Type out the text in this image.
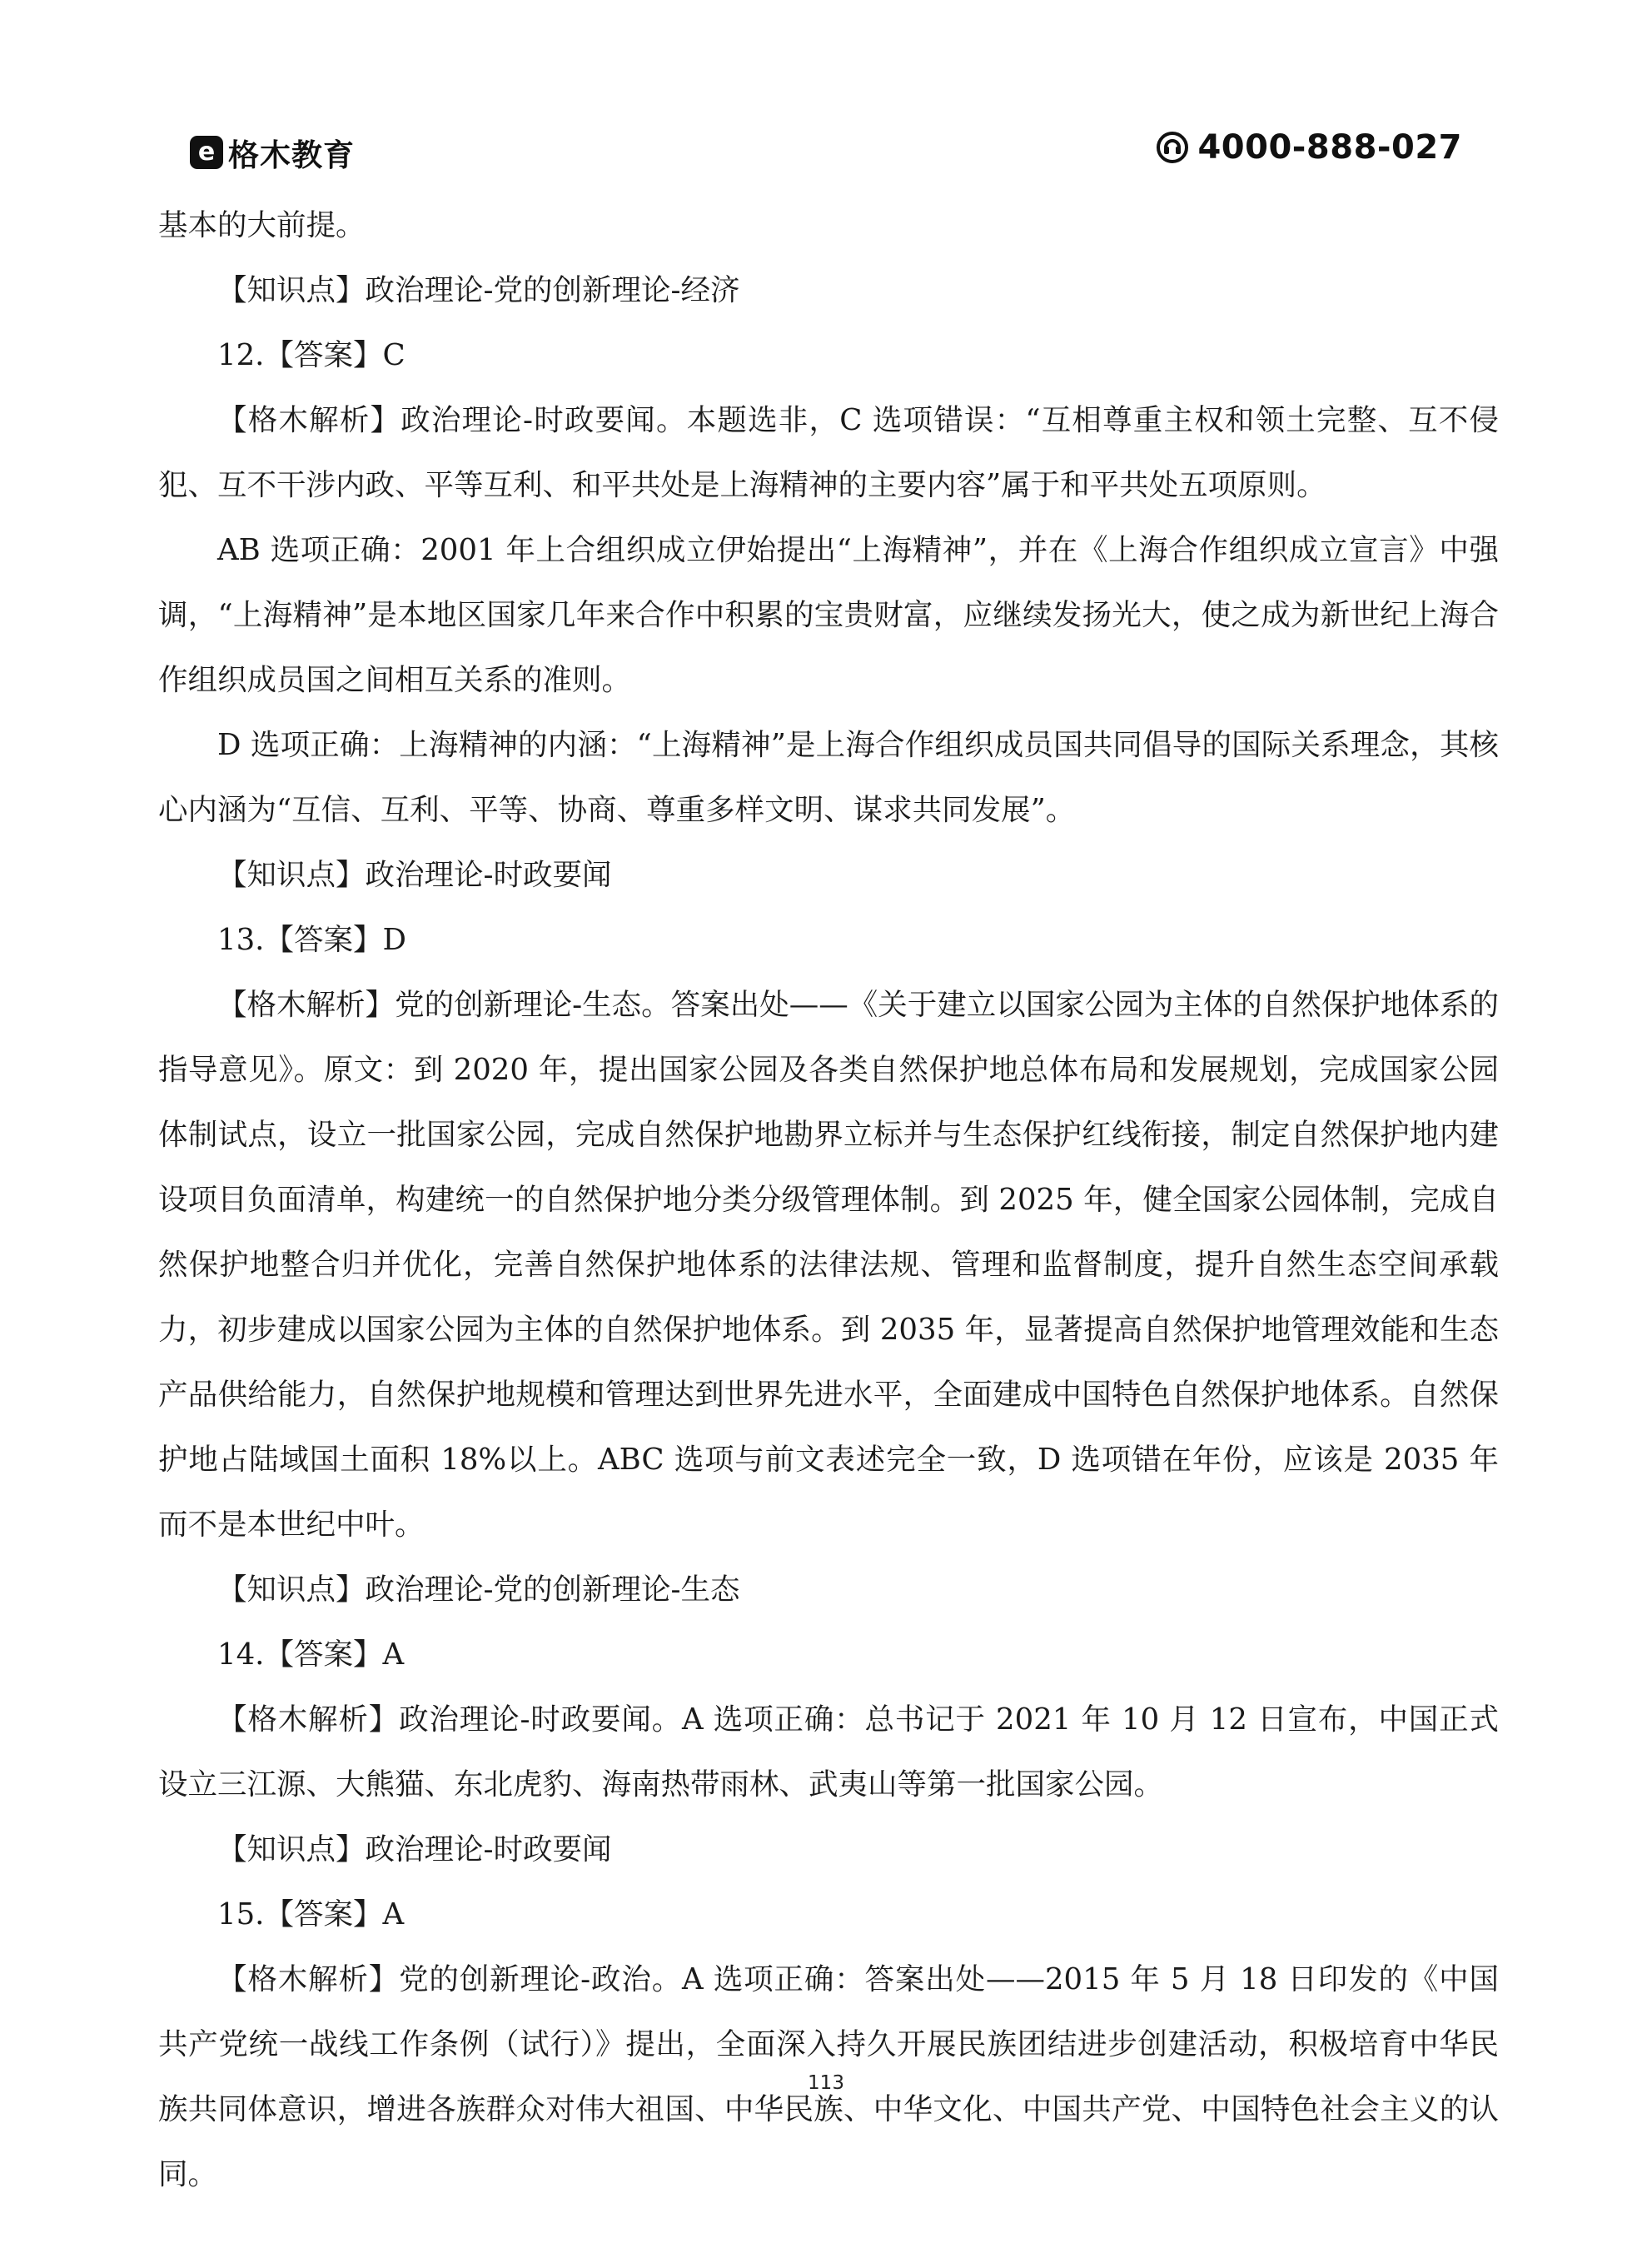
e 格木教育	4000-888-027

基本的大前提。

【知识点】政治理论-党的创新理论-经济

12.【答案】C

【格木解析】政治理论-时政要闻。本题选非，C 选项错误：“互相尊重主权和领土完整、互不侵犯、互不干涉内政、平等互利、和平共处是上海精神的主要内容”属于和平共处五项原则。

AB 选项正确：2001 年上合组织成立伊始提出“上海精神”，并在《上海合作组织成立宣言》中强调，“上海精神”是本地区国家几年来合作中积累的宝贵财富，应继续发扬光大，使之成为新世纪上海合作组织成员国之间相互关系的准则。

D 选项正确：上海精神的内涵：“上海精神”是上海合作组织成员国共同倡导的国际关系理念，其核心内涵为“互信、互利、平等、协商、尊重多样文明、谋求共同发展”。

【知识点】政治理论-时政要闻

13.【答案】D

【格木解析】党的创新理论-生态。答案出处——《关于建立以国家公园为主体的自然保护地体系的指导意见》。原文：到 2020 年，提出国家公园及各类自然保护地总体布局和发展规划，完成国家公园体制试点，设立一批国家公园，完成自然保护地勘界立标并与生态保护红线衔接，制定自然保护地内建设项目负面清单，构建统一的自然保护地分类分级管理体制。到 2025 年，健全国家公园体制，完成自然保护地整合归并优化，完善自然保护地体系的法律法规、管理和监督制度，提升自然生态空间承载力，初步建成以国家公园为主体的自然保护地体系。到 2035 年，显著提高自然保护地管理效能和生态产品供给能力，自然保护地规模和管理达到世界先进水平，全面建成中国特色自然保护地体系。自然保护地占陆域国土面积 18%以上。ABC 选项与前文表述完全一致，D 选项错在年份，应该是 2035 年而不是本世纪中叶。

【知识点】政治理论-党的创新理论-生态

14.【答案】A

【格木解析】政治理论-时政要闻。A 选项正确：总书记于 2021 年 10 月 12 日宣布，中国正式设立三江源、大熊猫、东北虎豹、海南热带雨林、武夷山等第一批国家公园。

【知识点】政治理论-时政要闻

15.【答案】A

【格木解析】党的创新理论-政治。A 选项正确：答案出处——2015 年 5 月 18 日印发的《中国共产党统一战线工作条例（试行）》提出，全面深入持久开展民族团结进步创建活动，积极培育中华民族共同体意识，增进各族群众对伟大祖国、中华民族、中华文化、中国共产党、中国特色社会主义的认同。

113
